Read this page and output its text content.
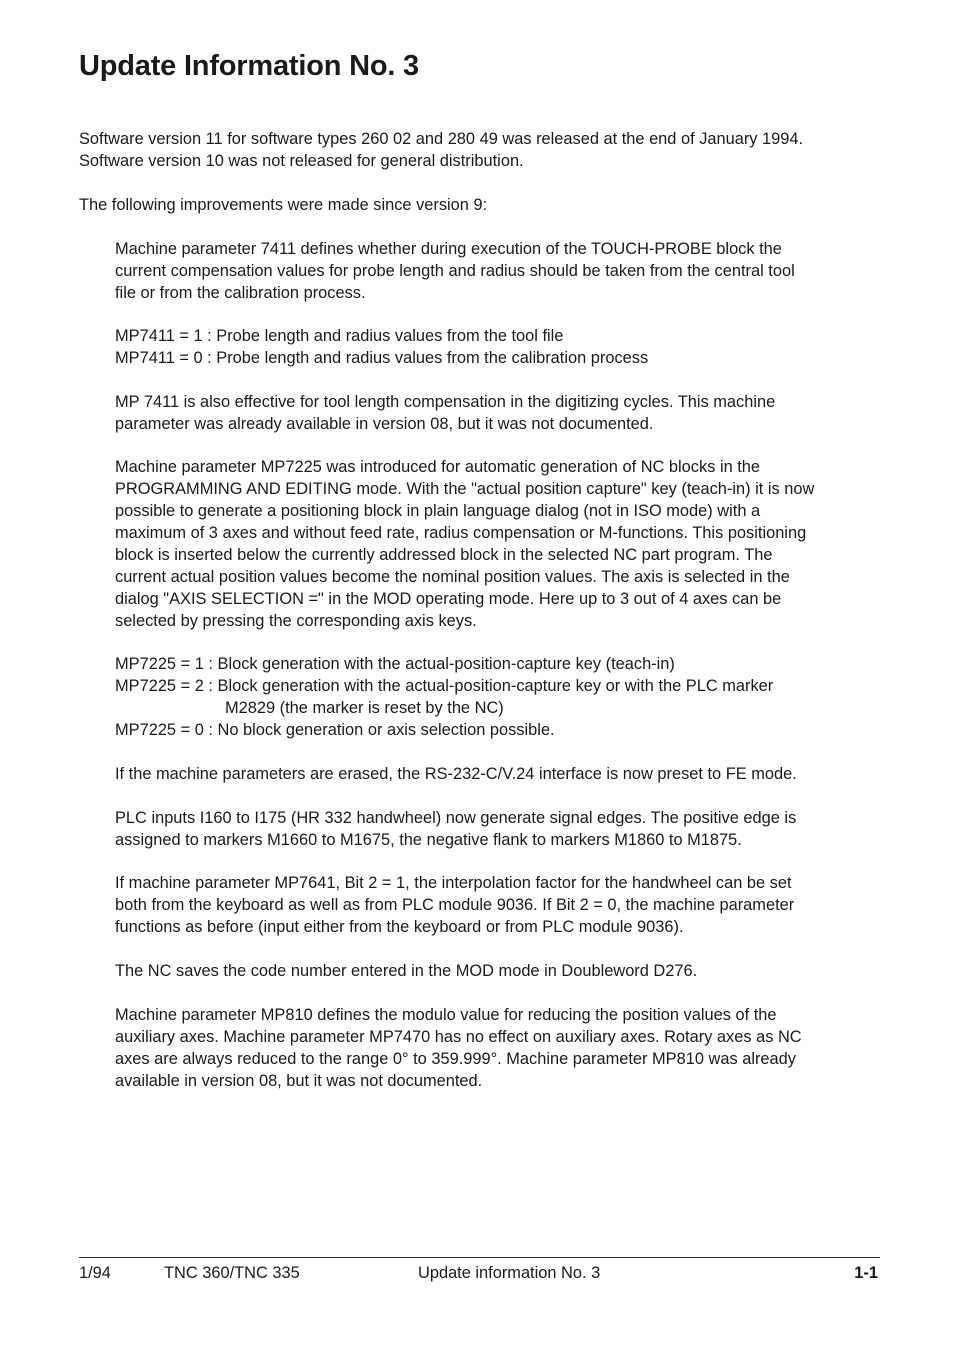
Update Information No. 3
Software version 11 for software types 260 02 and 280 49 was released at the end of January 1994.
Software version 10 was not released for general distribution.
The following improvements were made since version 9:
Machine parameter 7411 defines whether during execution of the TOUCH-PROBE block the
current compensation values for probe length and radius should be taken from the central tool
file or from the calibration process.
MP7411 = 1 : Probe length and radius values from the tool file
MP7411 = 0 : Probe length and radius values from the calibration process
MP 7411 is also effective for tool length compensation in the digitizing cycles. This machine
parameter was already available in version 08, but it was not documented.
Machine parameter MP7225 was introduced for automatic generation of NC blocks in the
PROGRAMMING AND EDITING mode. With the "actual position capture" key (teach-in) it is now
possible to generate a positioning block in plain language dialog (not in ISO mode) with a
maximum of 3 axes and without feed rate, radius compensation or M-functions. This positioning
block is inserted below the currently addressed block in the selected NC part program. The
current actual position values become the nominal position values. The axis is selected in the
dialog "AXIS SELECTION =" in the MOD operating mode. Here up to 3 out of 4 axes can be
selected by pressing the corresponding axis keys.
MP7225 = 1 : Block generation with the actual-position-capture key (teach-in)
MP7225 = 2 : Block generation with the actual-position-capture key or with the PLC marker
M2829 (the marker is reset by the NC)
MP7225 = 0 : No block generation or axis selection possible.
If the machine parameters are erased, the RS-232-C/V.24 interface is now preset to FE mode.
PLC inputs I160 to I175 (HR 332 handwheel) now generate signal edges. The positive edge is
assigned to markers M1660 to M1675, the negative flank to markers M1860 to M1875.
If machine parameter MP7641, Bit 2 = 1, the interpolation factor for the handwheel can be set
both from the keyboard as well as from PLC module 9036. If Bit 2 = 0, the machine parameter
functions as before (input either from the keyboard or from PLC module 9036).
The NC saves the code number entered in the MOD mode in Doubleword D276.
Machine parameter MP810 defines the modulo value for reducing the position values of the
auxiliary axes. Machine parameter MP7470 has no effect on auxiliary axes. Rotary axes as NC
axes are always reduced to the range 0° to 359.999°. Machine parameter MP810 was already
available in version 08, but it was not documented.
1/94	TNC 360/TNC 335	Update information No. 3	1-1
